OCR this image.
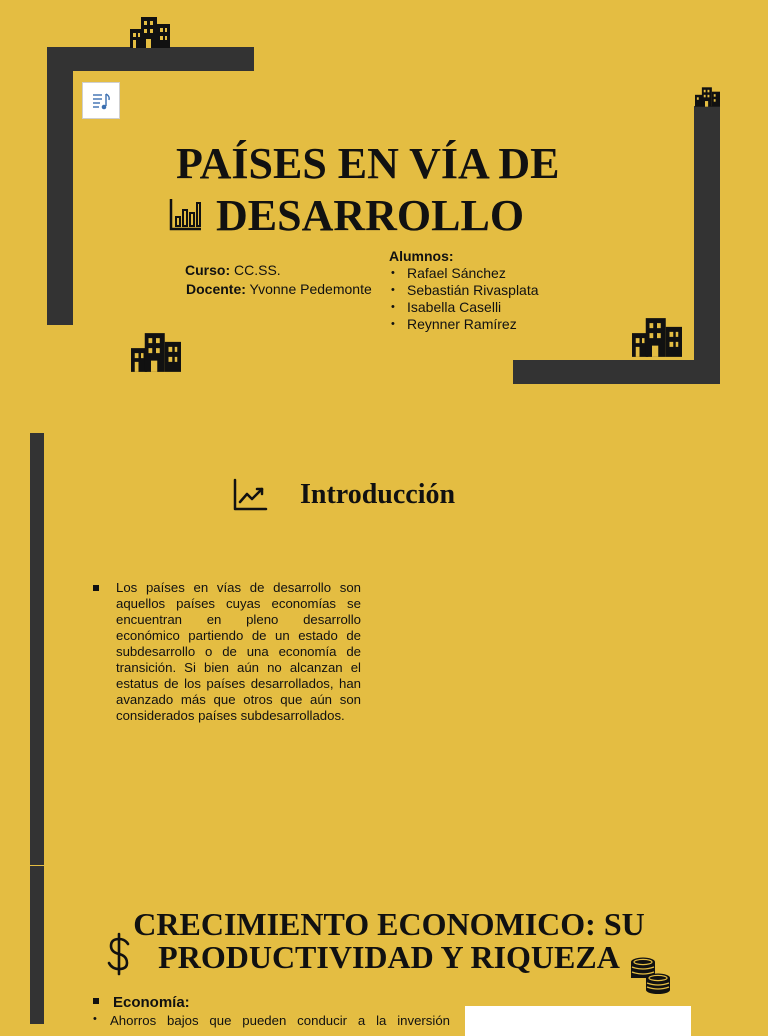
PAÍSES EN VÍA DE
DESARROLLO
Curso: CC.SS.
Docente: Yvonne Pedemonte
Alumnos:
• Rafael Sánchez
• Sebastián Rivasplata
• Isabella Caselli
• Reynner Ramírez
Introducción
Los países en vías de desarrollo son aquellos países cuyas economías se encuentran en pleno desarrollo económico partiendo de un estado de subdesarrollo o de una economía de transición. Si bien aún no alcanzan el estatus de los países desarrollados, han avanzado más que otros que aún son considerados países subdesarrollados.
CRECIMIENTO ECONOMICO: SU
PRODUCTIVIDAD Y RIQUEZA
Economía:
• Ahorros bajos que pueden conducir a la inversión
